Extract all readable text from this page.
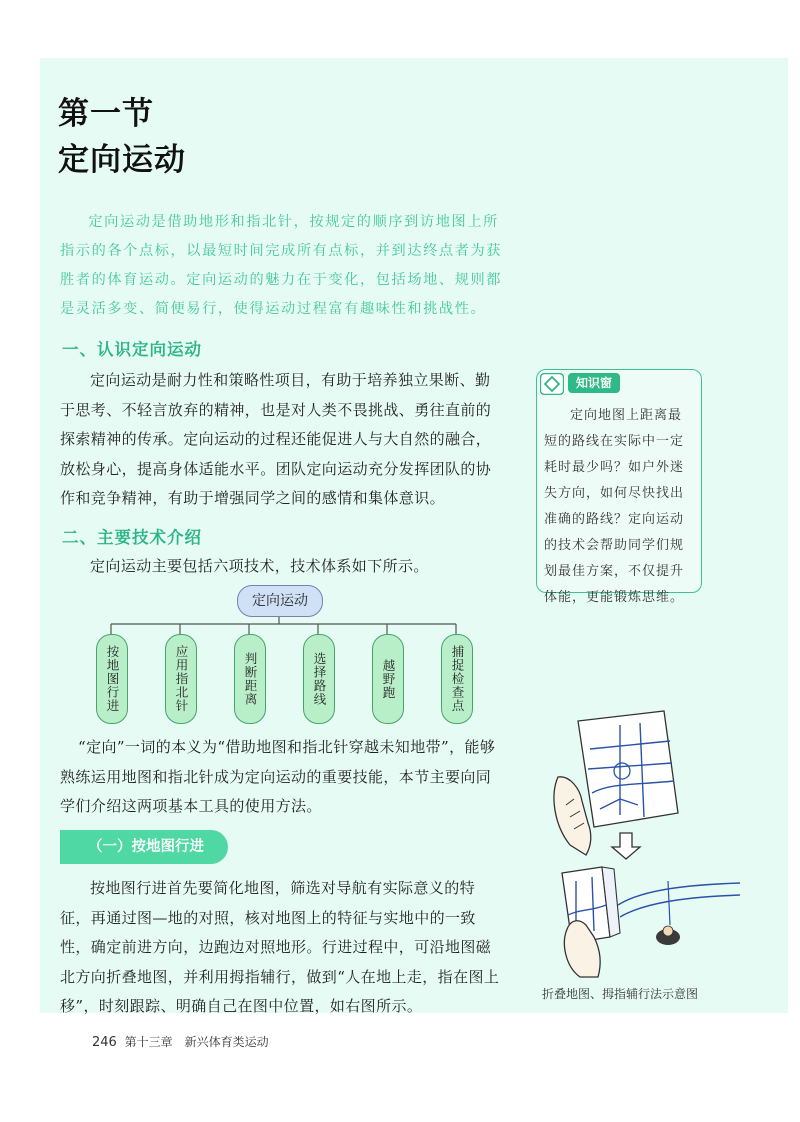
第一节
定向运动

定向运动是借助地形和指北针，按规定的顺序到访地图上所指示的各个点标，以最短时间完成所有点标，并到达终点者为获胜者的体育运动。定向运动的魅力在于变化，包括场地、规则都是灵活多变、简便易行，使得运动过程富有趣味性和挑战性。

一、认识定向运动

定向运动是耐力性和策略性项目，有助于培养独立果断、勤于思考、不轻言放弃的精神，也是对人类不畏挑战、勇往直前的探索精神的传承。定向运动的过程还能促进人与大自然的融合，放松身心，提高身体适能水平。团队定向运动充分发挥团队的协作和竞争精神，有助于增强同学之间的感情和集体意识。

知识窗

定向地图上距离最短的路线在实际中一定耗时最少吗？如户外迷失方向，如何尽快找出准确的路线？定向运动的技术会帮助同学们规划最佳方案，不仅提升体能，更能锻炼思维。

二、主要技术介绍

定向运动主要包括六项技术，技术体系如下所示。

定向运动
按地图行进	应用指北针	判断距离	选择路线	越野跑	捕捉检查点

“定向”一词的本义为“借助地图和指北针穿越未知地带”，能够熟练运用地图和指北针成为定向运动的重要技能，本节主要向同学们介绍这两项基本工具的使用方法。

（一）按地图行进

按地图行进首先要简化地图，筛选对导航有实际意义的特征，再通过图—地的对照，核对地图上的特征与实地中的一致性，确定前进方向，边跑边对照地形。行进过程中，可沿地图磁北方向折叠地图，并利用拇指辅行，做到“人在地上走，指在图上移”，时刻跟踪、明确自己在图中位置，如右图所示。

折叠地图、拇指辅行法示意图
246 第十三章　新兴体育类运动
